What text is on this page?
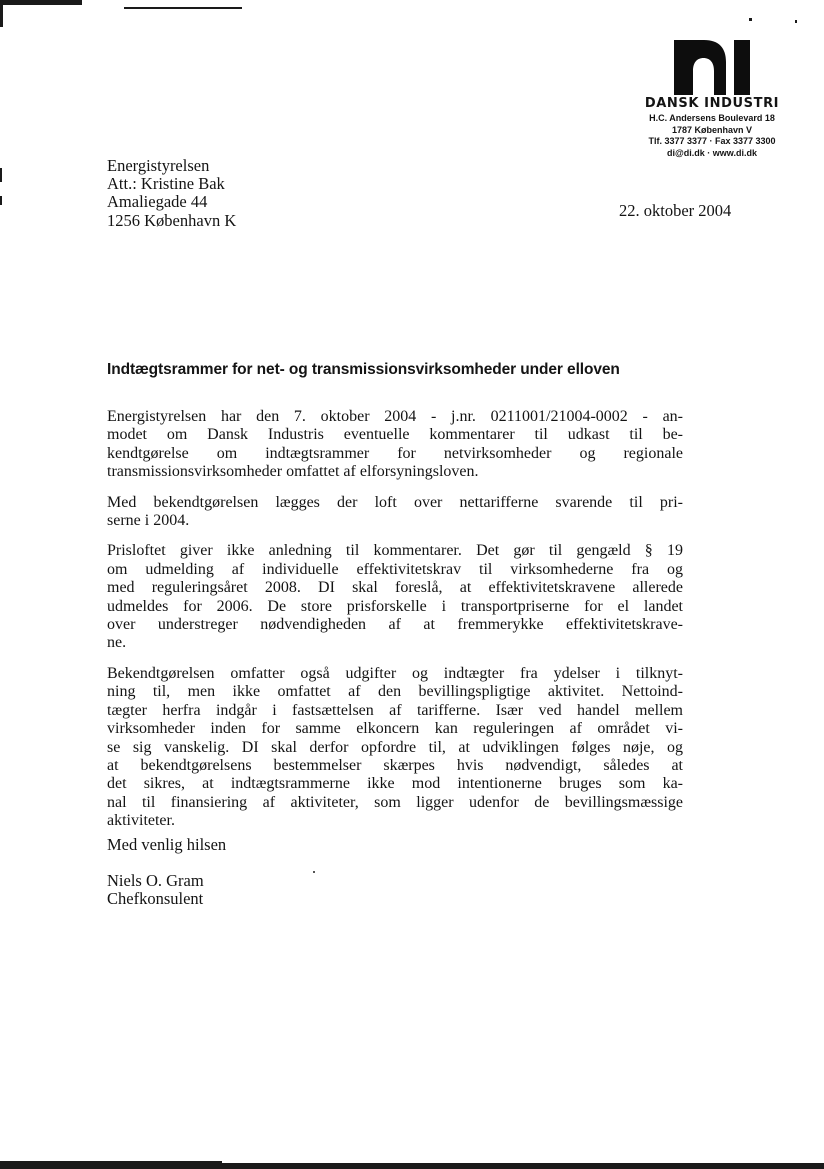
DANSK INDUSTRI
H.C. Andersens Boulevard 18
1787 København V
Tlf. 3377 3377 · Fax 3377 3300
di@di.dk · www.di.dk
Energistyrelsen
Att.: Kristine Bak
Amaliegade 44
1256 København K
22. oktober 2004
Indtægtsrammer for net- og transmissionsvirksomheder under elloven

Energistyrelsen har den 7. oktober 2004 - j.nr. 0211001/21004-0002 - an-
modet om Dansk Industris eventuelle kommentarer til udkast til be-
kendtgørelse om indtægtsrammer for netvirksomheder og regionale
transmissionsvirksomheder omfattet af elforsyningsloven.

Med bekendtgørelsen lægges der loft over nettarifferne svarende til pri-
serne i 2004.

Prisloftet giver ikke anledning til kommentarer. Det gør til gengæld § 19
om udmelding af individuelle effektivitetskrav til virksomhederne fra og
med reguleringsåret 2008. DI skal foreslå, at effektivitetskravene allerede
udmeldes for 2006. De store prisforskelle i transportpriserne for el landet
over understreger nødvendigheden af at fremmerykke effektivitetskrave-
ne.

Bekendtgørelsen omfatter også udgifter og indtægter fra ydelser i tilknyt-
ning til, men ikke omfattet af den bevillingspligtige aktivitet. Nettoind-
tægter herfra indgår i fastsættelsen af tarifferne. Især ved handel mellem
virksomheder inden for samme elkoncern kan reguleringen af området vi-
se sig vanskelig. DI skal derfor opfordre til, at udviklingen følges nøje, og
at bekendtgørelsens bestemmelser skærpes hvis nødvendigt, således at
det sikres, at indtægtsrammerne ikke mod intentionerne bruges som ka-
nal til finansiering af aktiviteter, som ligger udenfor de bevillingsmæssige
aktiviteter.

Med venlig hilsen
Niels O. Gram
Chefkonsulent
